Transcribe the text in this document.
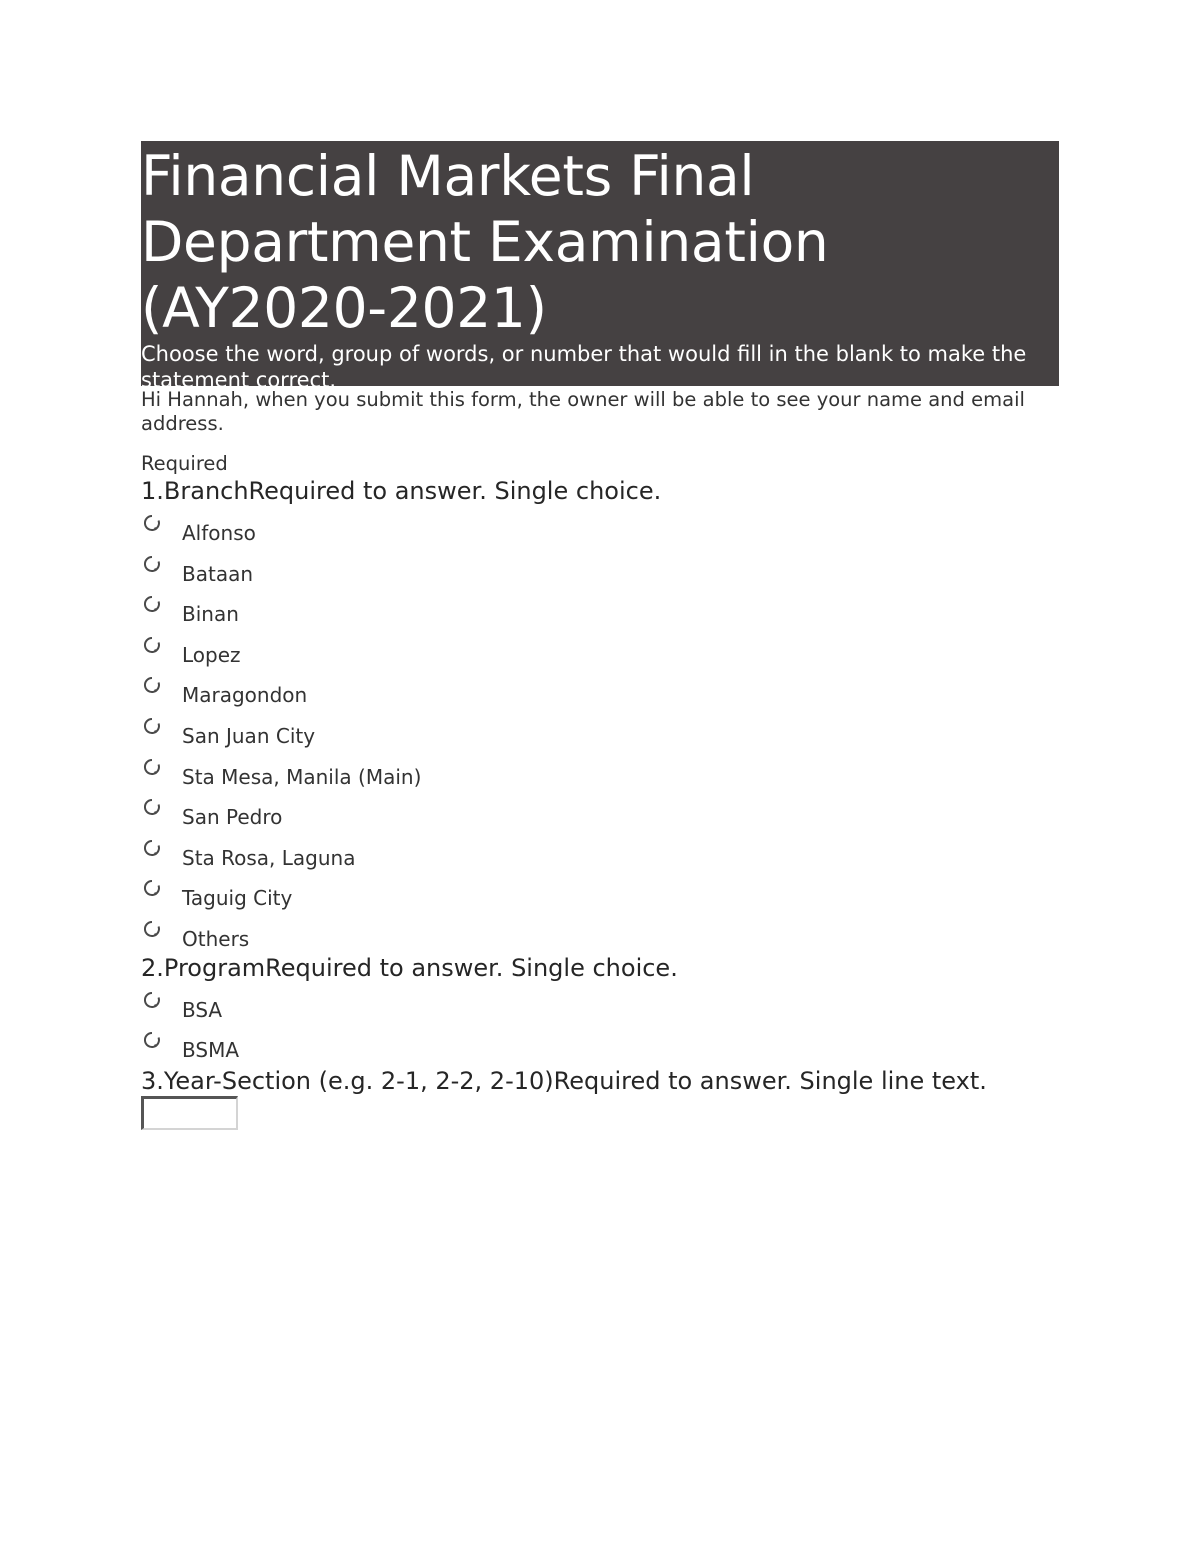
Financial Markets Final Department Examination (AY2020-2021)

Choose the word, group of words, or number that would fill in the blank to make the statement correct.

Hi Hannah, when you submit this form, the owner will be able to see your name and email address.

Required

1.BranchRequired to answer. Single choice.
Alfonso
Bataan
Binan
Lopez
Maragondon
San Juan City
Sta Mesa, Manila (Main)
San Pedro
Sta Rosa, Laguna
Taguig City
Others
2.ProgramRequired to answer. Single choice.
BSA
BSMA
3.Year-Section (e.g. 2-1, 2-2, 2-10)Required to answer. Single line text.
